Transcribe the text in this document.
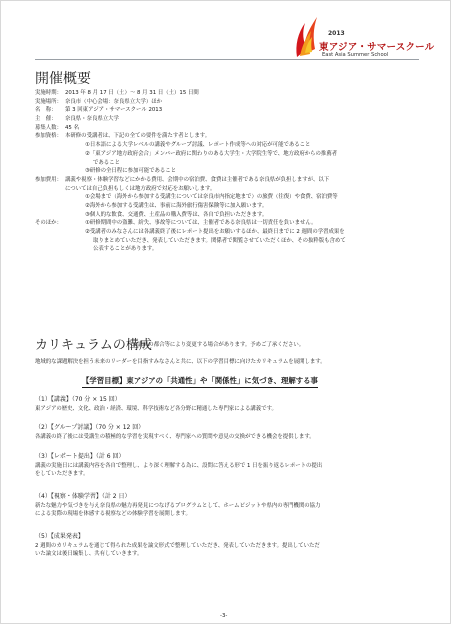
2013
東アジア・サマースクール
East Asia Summer School
開催概要
実施時期： 2013 年 8 月 17 日（土）～ 8 月 31 日（土）15 日間
実施場所： 奈良市（中心会場：奈良県立大学）ほか
名　称： 第 3 回東アジア・サマースクール 2013
主　催： 奈良県・奈良県立大学
募集人数： 45 名
参加資格： 本研修の受講者は、下記の全ての要件を満たす者とします。
①日本語による大学レベルの講義やグループ討議、レポート作成等への対応が可能であること
②「東アジア地方政府会合」メンバー政府に関わりのある大学生・大学院生等で、地方政府からの推薦者
であること
③研修の全日程に参加可能であること
参加費用： 講義や視察・体験学習などにかかる費用、会期中の宿泊費、食費は主催者である奈良県が負担しますが、以下
については自己負担もしくは地方政府で対応をお願いします。
①会場まで（海外から参加する受講生については奈良市内指定地まで）の旅費（往復）や食費、宿泊費等
②海外から参加する受講生は、事前に海外旅行傷害保険等に加入願います。
③個人的な飲食、交通費、土産品の購入費等は、各自で負担いただきます。
そのほか：	①研修期間中の盗難、紛失、事故等については、主催者である奈良県は一切責任を負いません。
②受講者のみなさんには各講義終了後にレポート提出をお願いするほか、最終日までに 2 週間の学習成果を
取りまとめていただき、発表していただきます。関係者で閲覧させていただくほか、その抜粋版も含めて
公表することがあります。
カリキュラムの構成
※講師の都合等により変更する場合があります。予めご了承ください。
地域的な課題解決を担う未来のリーダーを目指すみなさんと共に、以下の学習目標に向けたカリキュラムを展開します。
【学習目標】東アジアの「共通性」や「関係性」に気づき、理解する事
（1）【講義】（70 分 × 15 回）
東アジアの歴史、文化、政治・経済、環境、科学技術など各分野に精通した専門家による講義です。
（2）【グループ討議】（70 分 × 12 回）
各講義の終了後には受講生の積極的な学習を実現すべく、専門家への質問や意見の交換ができる機会を提供します。
（3）【レポート提出】（計 6 回）
講義の実施日には講義内容を各自で整理し、より深く理解する為に、設問に答える形で 1 日を振り返るレポートの提出
をしていただきます。
（4）【視察・体験学習】（計 2 日）
新たな魅力や気づきを与え奈良県の魅力再発見につなげるプログラムとして、ホームビジットや県内の専門機関の協力
による実際の現場を体感する視察などの体験学習を展開します。
（5）【成果発表】
2 週間のカリキュラムを通じて得られた成果を論文形式で整理していただき、発表していただきます。提出していただ
いた論文は後日編集し、共有していきます。
-3-
